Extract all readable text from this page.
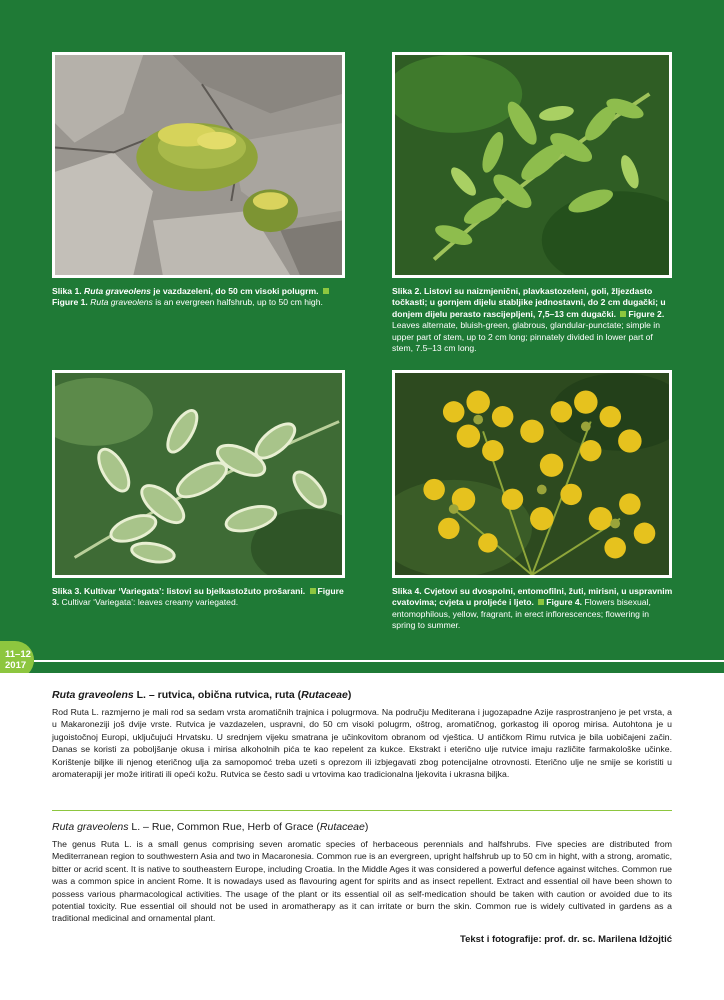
Slika 1. Ruta graveolens je vazdazeleni, do 50 cm visoki polugrm. Figure 1. Ruta graveolens is an evergreen halfshrub, up to 50 cm high.
Slika 2. Listovi su naizmjenični, plavkastozeleni, goli, žljezdasto točkasti; u gornjem dijelu stabljike jednostavni, do 2 cm dugački; u donjem dijelu perasto rascijepljeni, 7,5–13 cm dugački. Figure 2. Leaves alternate, bluish-green, glabrous, glandular-punctate; simple in upper part of stem, up to 2 cm long; pinnately divided in lower part of stem, 7.5–13 cm long.
Slika 3. Kultivar ‘Variegata’: listovi su bjelkastožuto prošarani. Figure 3. Cultivar ‘Variegata’: leaves creamy variegated.
Slika 4. Cvjetovi su dvospolni, entomofilni, žuti, mirisni, u uspravnim cvatovima; cvjeta u proljeće i ljeto. Figure 4. Flowers bisexual, entomophilous, yellow, fragrant, in erect inflorescences; flowering in spring to summer.
11–12
2017
Ruta graveolens L. – rutvica, obična rutvica, ruta (Rutaceae)
Rod Ruta L. razmjerno je mali rod sa sedam vrsta aromatičnih trajnica i polugrmova. Na području Mediterana i jugozapadne Azije rasprostranjeno je pet vrsta, a u Makaroneziji još dvije vrste. Rutvica je vazdazelen, uspravni, do 50 cm visoki polugrm, oštrog, aromatičnog, gorkastog ili oporog mirisa. Autohtona je u jugoistočnoj Europi, uključujući Hrvatsku. U srednjem vijeku smatrana je učinkovitom obranom od vještica. U antičkom Rimu rutvica je bila uobičajeni začin. Danas se koristi za poboljšanje okusa i mirisa alkoholnih pića te kao repelent za kukce. Ekstrakt i eterično ulje rutvice imaju različite farmakološke učinke. Korištenje biljke ili njenog eteričnog ulja za samopomoć treba uzeti s oprezom ili izbjegavati zbog potencijalne otrovnosti. Eterično ulje ne smije se koristiti u aromaterapiji jer može iritirati ili opeći kožu. Rutvica se često sadi u vrtovima kao tradicionalna ljekovita i ukrasna biljka.
Ruta graveolens L. – Rue, Common Rue, Herb of Grace (Rutaceae)
The genus Ruta L. is a small genus comprising seven aromatic species of herbaceous perennials and halfshrubs. Five species are distributed from Mediterranean region to southwestern Asia and two in Macaronesia. Common rue is an evergreen, upright halfshrub up to 50 cm in hight, with a strong, aromatic, bitter or acrid scent. It is native to southeastern Europe, including Croatia. In the Middle Ages it was considered a powerful defence against witches. Common rue was a common spice in ancient Rome. It is nowadays used as flavouring agent for spirits and as insect repellent. Extract and essential oil have been shown to possess various pharmacological activities. The usage of the plant or its essential oil as self-medication should be taken with caution or avoided due to its potential toxicity. Rue essential oil should not be used in aromatherapy as it can irritate or burn the skin. Common rue is widely cultivated in gardens as a traditional medicinal and ornamental plant.
Tekst i fotografije: prof. dr. sc. Marilena Idžojtić
